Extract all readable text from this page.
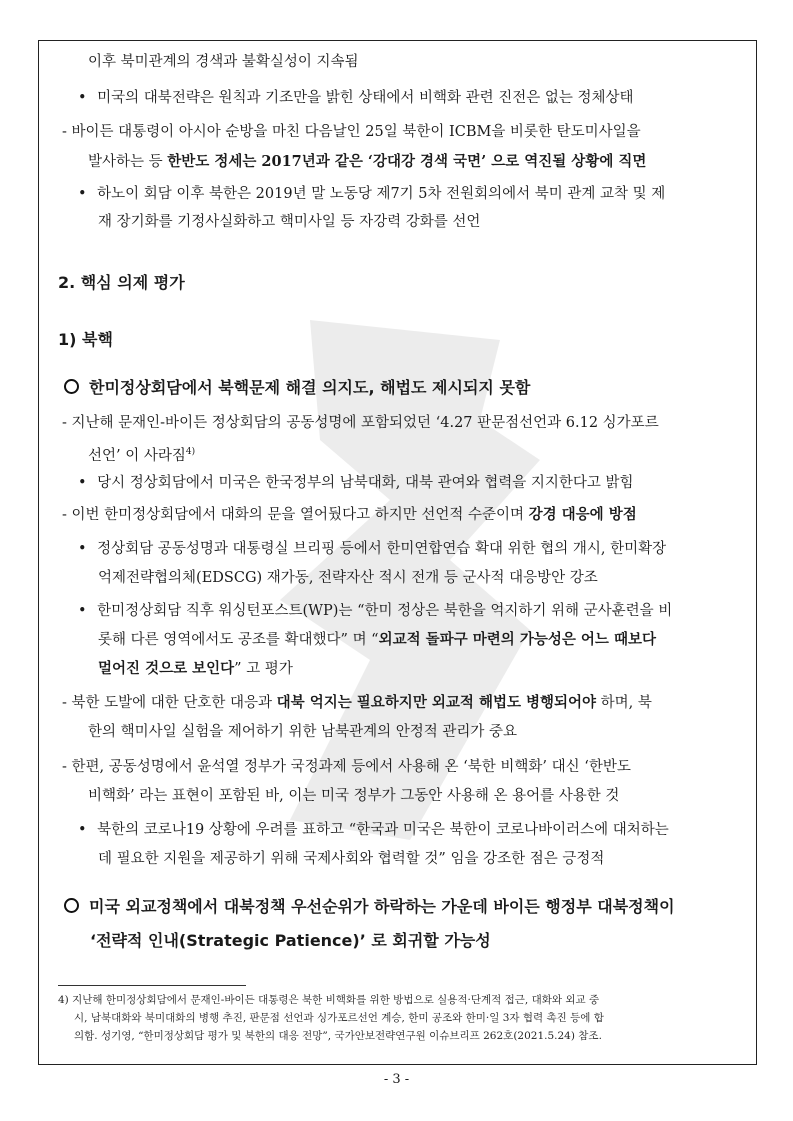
이후 북미관계의 경색과 불확실성이 지속됨
• 미국의 대북전략은 원칙과 기조만을 밝힌 상태에서 비핵화 관련 진전은 없는 정체상태
- 바이든 대통령이 아시아 순방을 마친 다음날인 25일 북한이 ICBM을 비롯한 탄도미사일을
발사하는 등 한반도 정세는 2017년과 같은 ‘강대강 경색 국면’ 으로 역진될 상황에 직면
• 하노이 회담 이후 북한은 2019년 말 노동당 제7기 5차 전원회의에서 북미 관계 교착 및 제
재 장기화를 기정사실화하고 핵미사일 등 자강력 강화를 선언
2. 핵심 의제 평가
1) 북핵
한미정상회담에서 북핵문제 해결 의지도, 해법도 제시되지 못함
- 지난해 문재인-바이든 정상회담의 공동성명에 포함되었던 ‘4.27 판문점선언과 6.12 싱가포르
선언’ 이 사라짐$^{4)}$
• 당시 정상회담에서 미국은 한국정부의 남북대화, 대북 관여와 협력을 지지한다고 밝힘
- 이번 한미정상회담에서 대화의 문을 열어뒀다고 하지만 선언적 수준이며 강경 대응에 방점
• 정상회담 공동성명과 대통령실 브리핑 등에서 한미연합연습 확대 위한 협의 개시, 한미확장
억제전략협의체(EDSCG) 재가동, 전략자산 적시 전개 등 군사적 대응방안 강조
• 한미정상회담 직후 워싱턴포스트(WP)는 “한미 정상은 북한을 억지하기 위해 군사훈련을 비
롯해 다른 영역에서도 공조를 확대했다” 며 “외교적 돌파구 마련의 가능성은 어느 때보다
멀어진 것으로 보인다” 고 평가
- 북한 도발에 대한 단호한 대응과 대북 억지는 필요하지만 외교적 해법도 병행되어야 하며, 북
한의 핵미사일 실험을 제어하기 위한 남북관계의 안정적 관리가 중요
- 한편, 공동성명에서 윤석열 정부가 국정과제 등에서 사용해 온 ‘북한 비핵화’ 대신 ‘한반도
비핵화’ 라는 표현이 포함된 바, 이는 미국 정부가 그동안 사용해 온 용어를 사용한 것
• 북한의 코로나19 상황에 우려를 표하고 “한국과 미국은 북한이 코로나바이러스에 대처하는
데 필요한 지원을 제공하기 위해 국제사회와 협력할 것” 임을 강조한 점은 긍정적
미국 외교정책에서 대북정책 우선순위가 하락하는 가운데 바이든 행정부 대북정책이
‘전략적 인내(Strategic Patience)’ 로 회귀할 가능성
4) 지난해 한미정상회담에서 문재인-바이든 대통령은 북한 비핵화를 위한 방법으로 실용적·단계적 접근, 대화와 외교 중
시, 남북대화와 북미대화의 병행 추진, 판문점 선언과 싱가포르선언 계승, 한미 공조와 한미·일 3자 협력 촉진 등에 합
의함. 성기영, “한미정상회담 평가 및 북한의 대응 전망”, 국가안보전략연구원 이슈브리프 262호(2021.5.24) 참조.
- 3 -
